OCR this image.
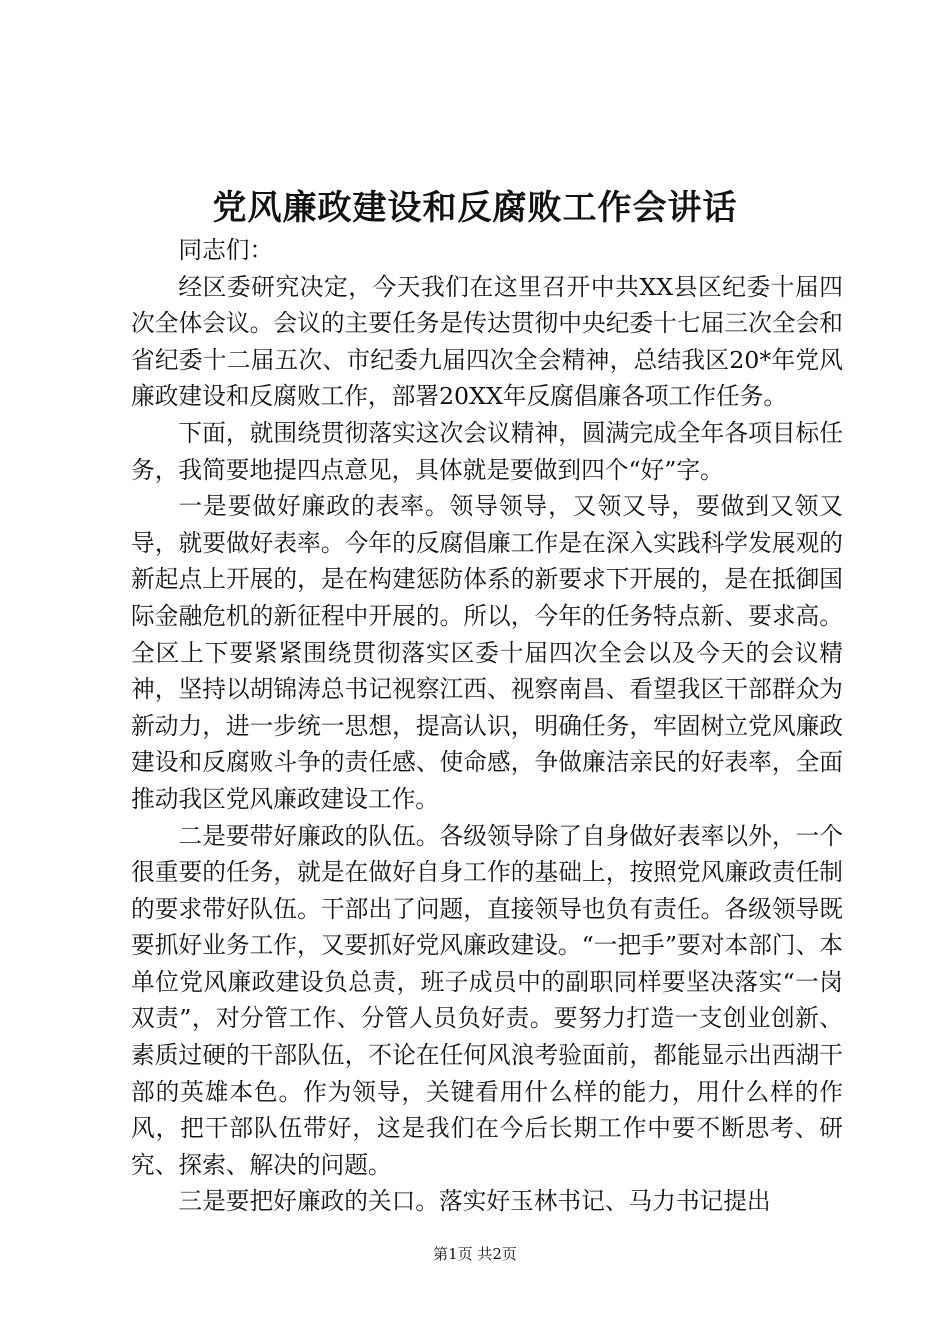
党风廉政建设和反腐败工作会讲话

同志们：

经区委研究决定，今天我们在这里召开中共XX县区纪委十届四次全体会议。会议的主要任务是传达贯彻中央纪委十七届三次全会和省纪委十二届五次、市纪委九届四次全会精神，总结我区20*年党风廉政建设和反腐败工作，部署20XX年反腐倡廉各项工作任务。

下面，就围绕贯彻落实这次会议精神，圆满完成全年各项目标任务，我简要地提四点意见，具体就是要做到四个“好”字。

一是要做好廉政的表率。领导领导，又领又导，要做到又领又导，就要做好表率。今年的反腐倡廉工作是在深入实践科学发展观的新起点上开展的，是在构建惩防体系的新要求下开展的，是在抵御国际金融危机的新征程中开展的。所以，今年的任务特点新、要求高。全区上下要紧紧围绕贯彻落实区委十届四次全会以及今天的会议精神，坚持以胡锦涛总书记视察江西、视察南昌、看望我区干部群众为新动力，进一步统一思想，提高认识，明确任务，牢固树立党风廉政建设和反腐败斗争的责任感、使命感，争做廉洁亲民的好表率，全面推动我区党风廉政建设工作。

二是要带好廉政的队伍。各级领导除了自身做好表率以外，一个很重要的任务，就是在做好自身工作的基础上，按照党风廉政责任制的要求带好队伍。干部出了问题，直接领导也负有责任。各级领导既要抓好业务工作，又要抓好党风廉政建设。“一把手”要对本部门、本单位党风廉政建设负总责，班子成员中的副职同样要坚决落实“一岗双责”，对分管工作、分管人员负好责。要努力打造一支创业创新、素质过硬的干部队伍，不论在任何风浪考验面前，都能显示出西湖干部的英雄本色。作为领导，关键看用什么样的能力，用什么样的作风，把干部队伍带好，这是我们在今后长期工作中要不断思考、研究、探索、解决的问题。

三是要把好廉政的关口。落实好玉林书记、马力书记提出

第1页 共2页
